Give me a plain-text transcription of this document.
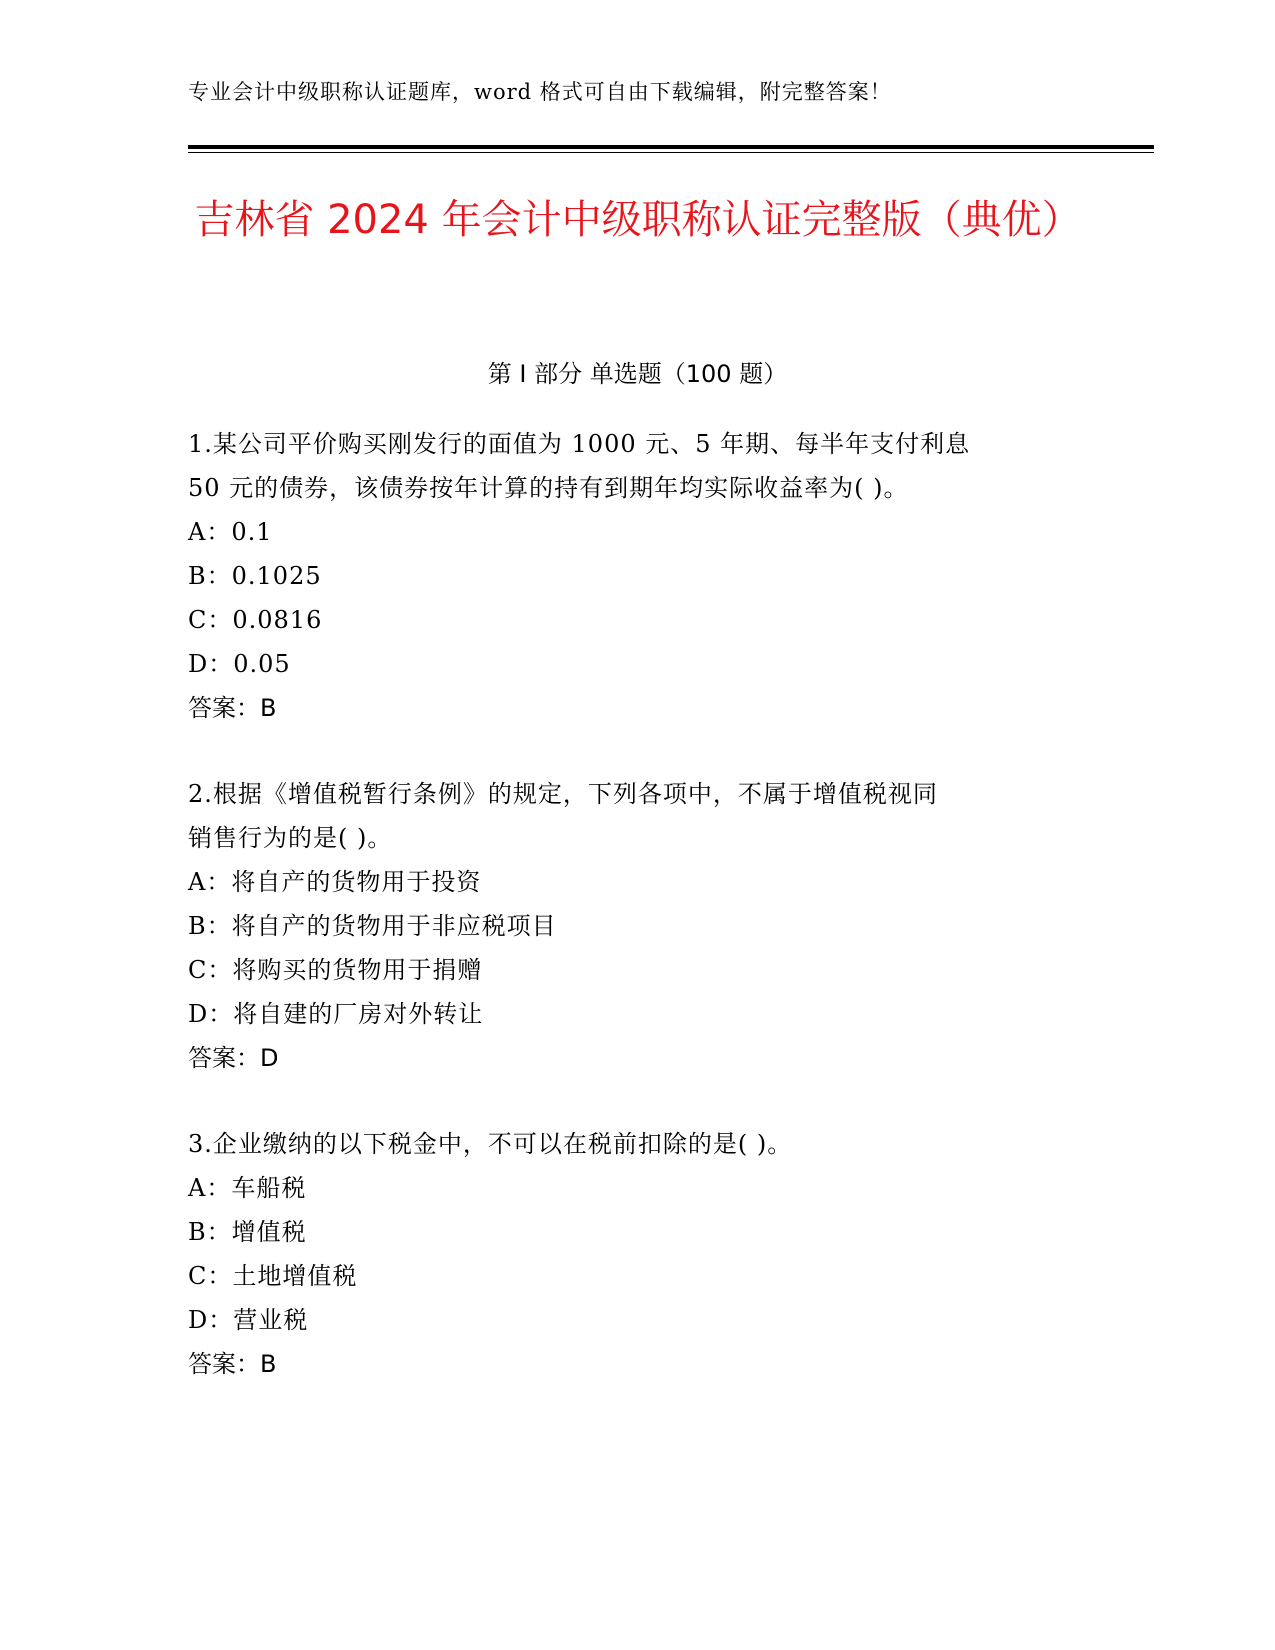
专业会计中级职称认证题库，word 格式可自由下载编辑，附完整答案！
吉林省 2024 年会计中级职称认证完整版（典优）
第 I 部分 单选题（100 题）
1.某公司平价购买刚发行的面值为 1000 元、5 年期、每半年支付利息
50 元的债券，该债券按年计算的持有到期年均实际收益率为( )。
A：0.1
B：0.1025
C：0.0816
D：0.05
答案：B
2.根据《增值税暂行条例》的规定，下列各项中，不属于增值税视同
销售行为的是( )。
A：将自产的货物用于投资
B：将自产的货物用于非应税项目
C：将购买的货物用于捐赠
D：将自建的厂房对外转让
答案：D
3.企业缴纳的以下税金中，不可以在税前扣除的是( )。
A：车船税
B：增值税
C：土地增值税
D：营业税
答案：B
